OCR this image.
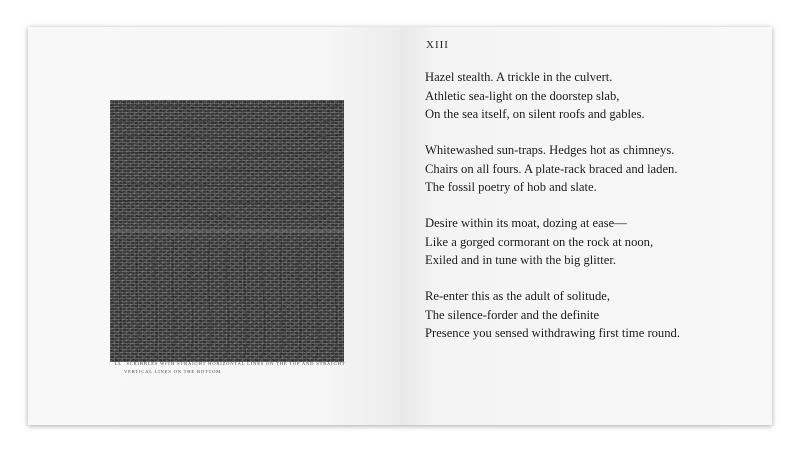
13. SCRIBBLES WITH STRAIGHT HORIZONTAL LINES ON THE TOP AND STRAIGHT
VERTICAL LINES ON THE BOTTOM
XIII
Hazel stealth. A trickle in the culvert.
Athletic sea-light on the doorstep slab,
On the sea itself, on silent roofs and gables.
Whitewashed sun-traps. Hedges hot as chimneys.
Chairs on all fours. A plate-rack braced and laden.
The fossil poetry of hob and slate.
Desire within its moat, dozing at ease—
Like a gorged cormorant on the rock at noon,
Exiled and in tune with the big glitter.
Re-enter this as the adult of solitude,
The silence-forder and the definite
Presence you sensed withdrawing first time round.
